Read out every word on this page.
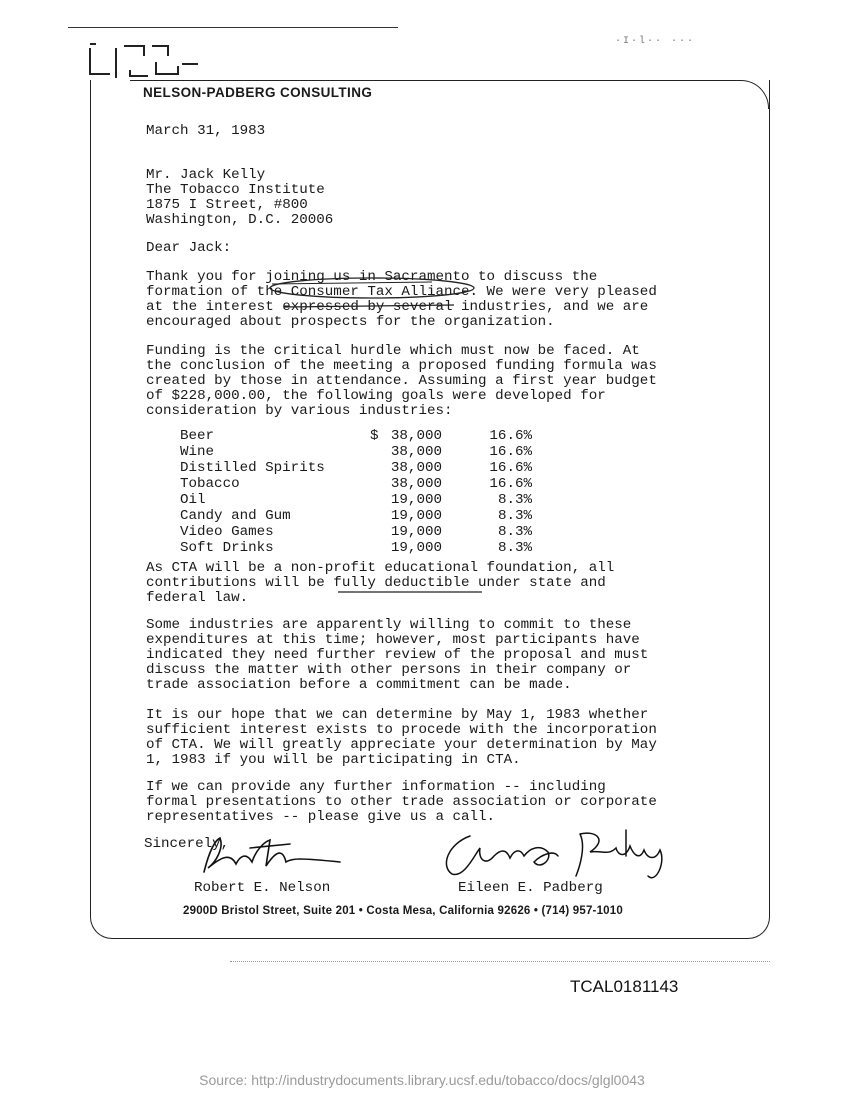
·I·l·· ···
NELSON-PADBERG CONSULTING
March 31, 1983
Mr. Jack Kelly
The Tobacco Institute
1875 I Street, #800
Washington, D.C. 20006
Dear Jack:
Thank you for joining us in Sacramento to discuss the
formation of the Consumer Tax Alliance. We were very pleased
at the interest expressed by several industries, and we are
encouraged about prospects for the organization.
Funding is the critical hurdle which must now be faced. At
the conclusion of the meeting a proposed funding formula was
created by those in attendance. Assuming a first year budget
of $228,000.00, the following goals were developed for
consideration by various industries:
Beer	$	38,000	16.6%
Wine		38,000	16.6%
Distilled Spirits		38,000	16.6%
Tobacco		38,000	16.6%
Oil		19,000	8.3%
Candy and Gum		19,000	8.3%
Video Games		19,000	8.3%
Soft Drinks		19,000	8.3%
As CTA will be a non-profit educational foundation, all
contributions will be fully deductible under state and
federal law.
Some industries are apparently willing to commit to these
expenditures at this time; however, most participants have
indicated they need further review of the proposal and must
discuss the matter with other persons in their company or
trade association before a commitment can be made.
It is our hope that we can determine by May 1, 1983 whether
sufficient interest exists to procede with the incorporation
of CTA. We will greatly appreciate your determination by May
1, 1983 if you will be participating in CTA.
If we can provide any further information -- including
formal presentations to other trade association or corporate
representatives -- please give us a call.
Sincerely,
Robert E. Nelson	Eileen E. Padberg
2900D Bristol Street, Suite 201 • Costa Mesa, California 92626 • (714) 957-1010
TCAL0181143
Source: http://industrydocuments.library.ucsf.edu/tobacco/docs/glgl0043
